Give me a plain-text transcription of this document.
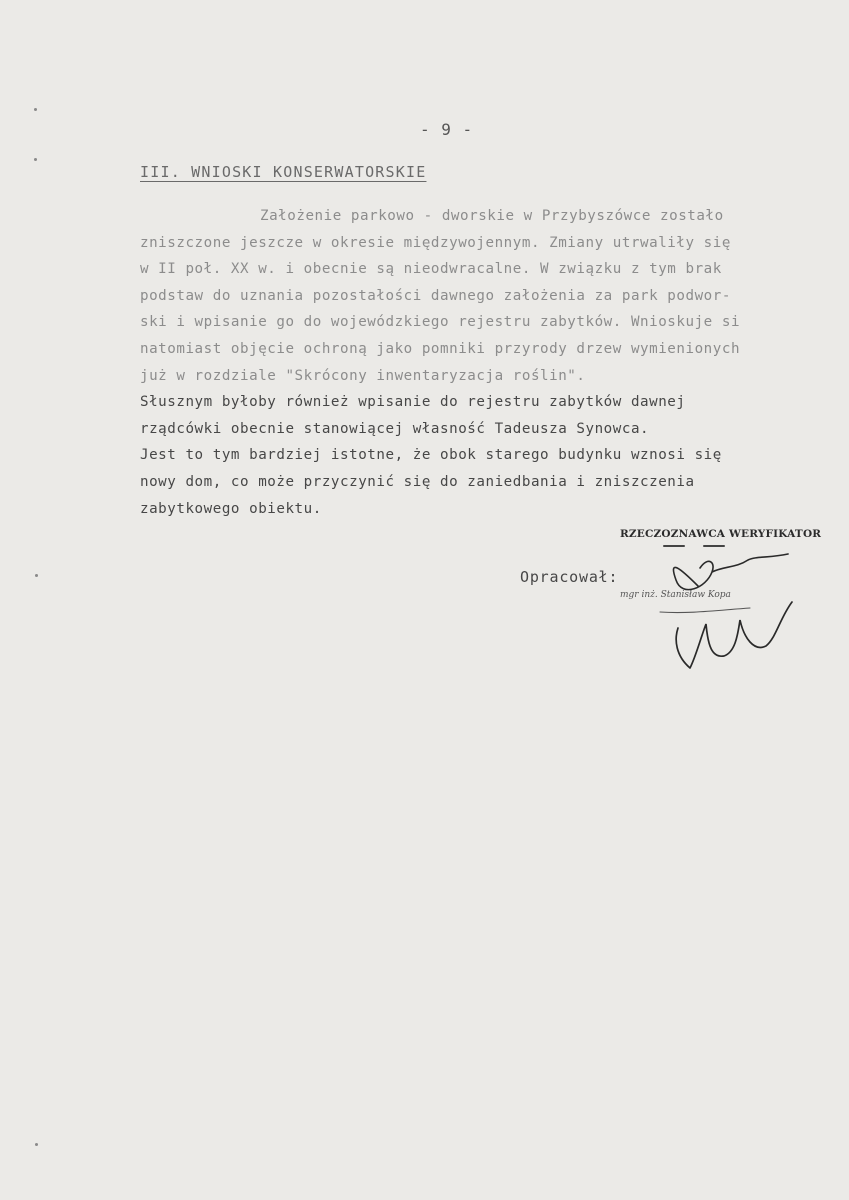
- 9 -
III. WNIOSKI KONSERWATORSKIE
Założenie parkowo - dworskie w Przybyszówce zostało
zniszczone jeszcze w okresie międzywojennym. Zmiany utrwaliły się
w II poł. XX w. i obecnie są nieodwracalne. W związku z tym brak
podstaw do uznania pozostałości dawnego założenia za park podwor-
ski i wpisanie go do wojewódzkiego rejestru zabytków. Wnioskuje si
natomiast objęcie ochroną jako pomniki przyrody drzew wymienionych
już w rozdziale "Skrócony inwentaryzacja roślin".
Słusznym byłoby również wpisanie do rejestru zabytków dawnej
rządcówki obecnie stanowiącej własność Tadeusza Synowca.
Jest to tym bardziej istotne, że obok starego budynku wznosi się
nowy dom, co może przyczynić się do zaniedbania i zniszczenia
zabytkowego obiektu.
Opracował:
RZECZOZNAWCA WERYFIKATOR
mgr inż. Stanisław Kopa
